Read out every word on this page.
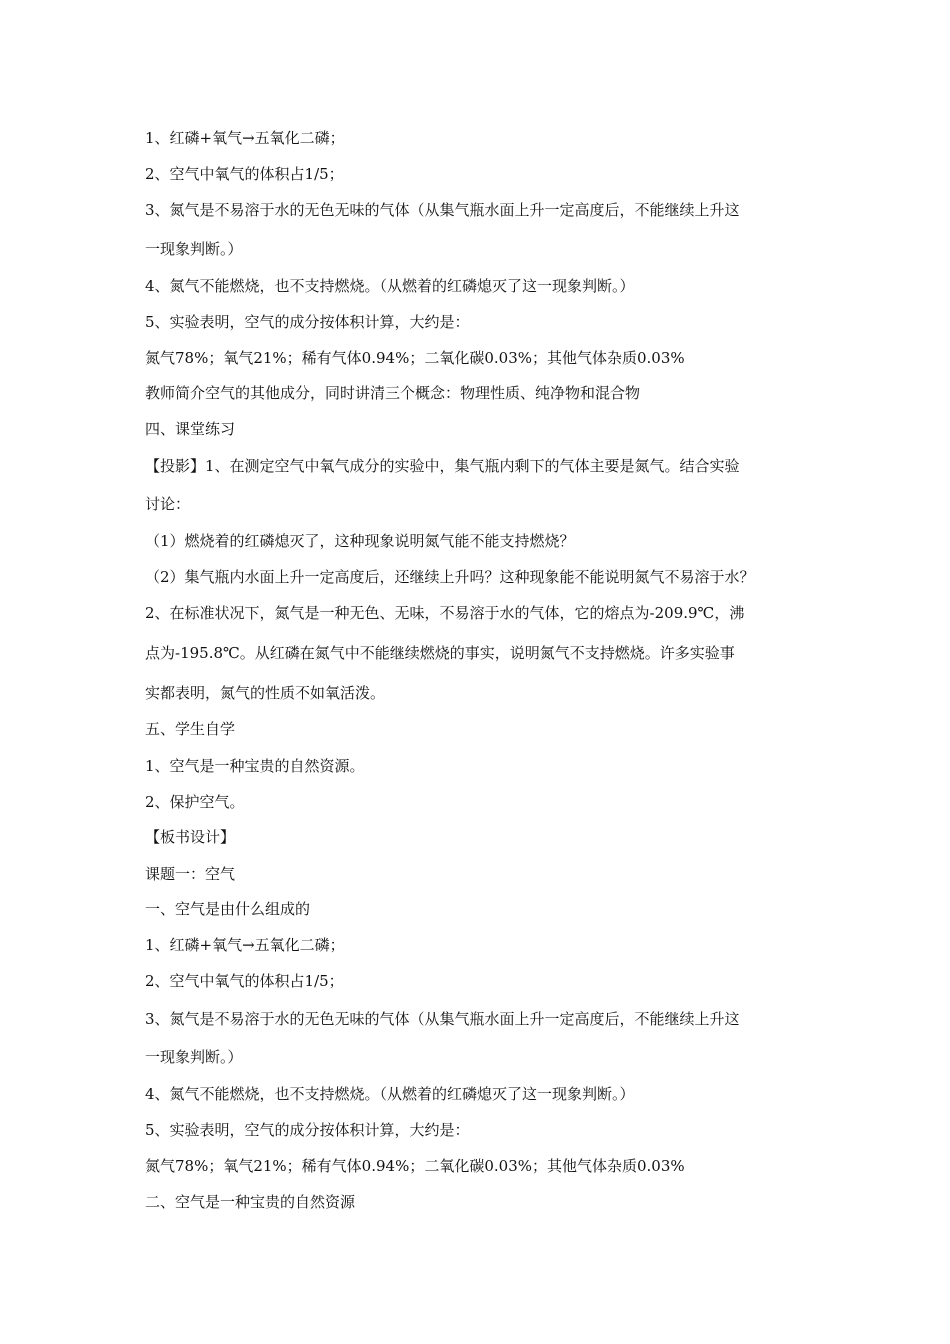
1、红磷+氧气→五氧化二磷；
2、空气中氧气的体积占1/5；
3、氮气是不易溶于水的无色无味的气体（从集气瓶水面上升一定高度后，不能继续上升这
一现象判断。）
4、氮气不能燃烧，也不支持燃烧。（从燃着的红磷熄灭了这一现象判断。）
5、实验表明，空气的成分按体积计算，大约是：
氮气78%；氧气21%；稀有气体0.94%；二氧化碳0.03%；其他气体杂质0.03%
教师简介空气的其他成分，同时讲清三个概念：物理性质、纯净物和混合物
四、课堂练习
【投影】1、在测定空气中氧气成分的实验中，集气瓶内剩下的气体主要是氮气。结合实验
讨论：
（1）燃烧着的红磷熄灭了，这种现象说明氮气能不能支持燃烧？
（2）集气瓶内水面上升一定高度后，还继续上升吗？这种现象能不能说明氮气不易溶于水？
2、在标准状况下，氮气是一种无色、无味，不易溶于水的气体，它的熔点为-209.9℃，沸
点为-195.8℃。从红磷在氮气中不能继续燃烧的事实，说明氮气不支持燃烧。许多实验事
实都表明，氮气的性质不如氧活泼。
五、学生自学
1、空气是一种宝贵的自然资源。
2、保护空气。
【板书设计】
课题一：空气
一、空气是由什么组成的
1、红磷+氧气→五氧化二磷；
2、空气中氧气的体积占1/5；
3、氮气是不易溶于水的无色无味的气体（从集气瓶水面上升一定高度后，不能继续上升这
一现象判断。）
4、氮气不能燃烧，也不支持燃烧。（从燃着的红磷熄灭了这一现象判断。）
5、实验表明，空气的成分按体积计算，大约是：
氮气78%；氧气21%；稀有气体0.94%；二氧化碳0.03%；其他气体杂质0.03%
二、空气是一种宝贵的自然资源
